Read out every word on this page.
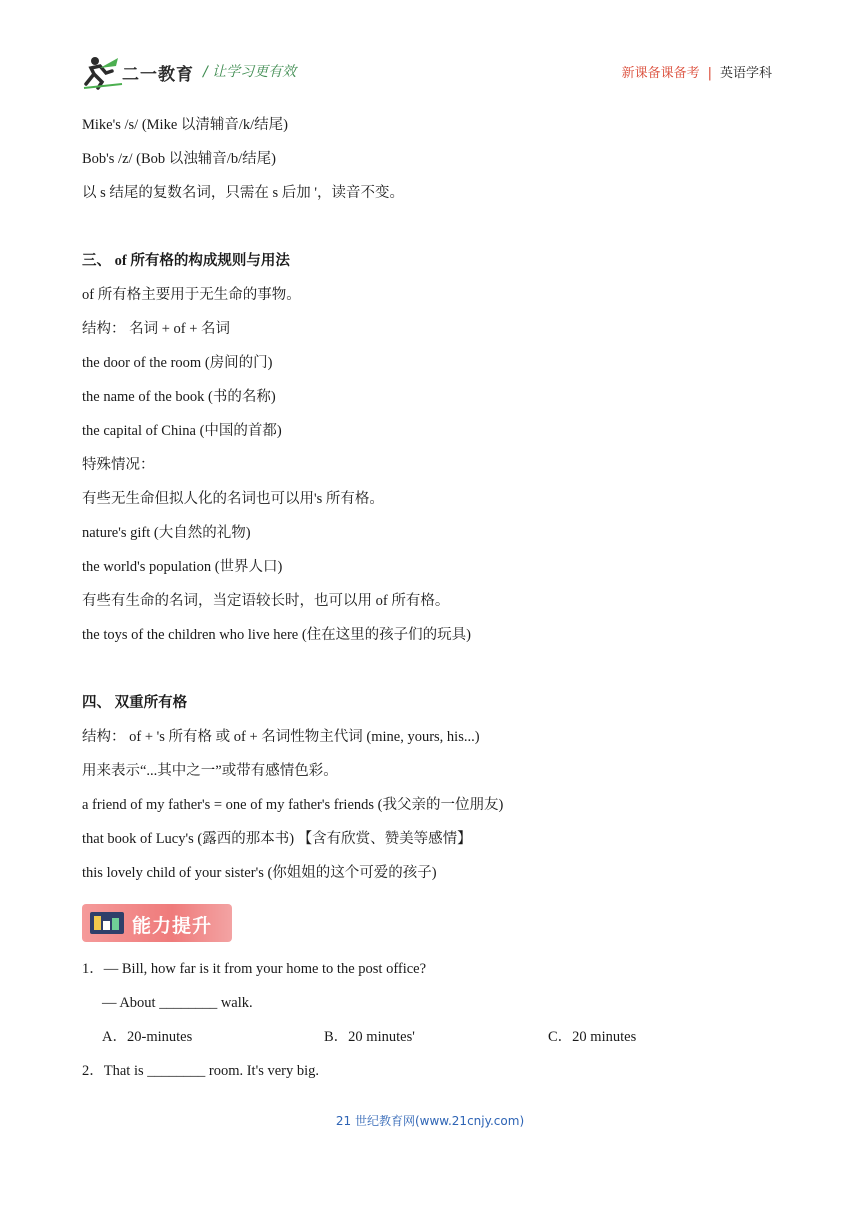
二一教育 / 让学习更有效	新课备课备考 | 英语学科
Mike's /s/ (Mike 以清辅音/k/结尾)
Bob's /z/ (Bob 以浊辅音/b/结尾)
以 s 结尾的复数名词，只需在 s 后加 '，读音不变。
三、 of 所有格的构成规则与用法
of 所有格主要用于无生命的事物。
结构： 名词 + of + 名词
the door of the room (房间的门)
the name of the book (书的名称)
the capital of China (中国的首都)
特殊情况：
有些无生命但拟人化的名词也可以用's 所有格。
nature's gift (大自然的礼物)
the world's population (世界人口)
有些有生命的名词，当定语较长时，也可以用 of 所有格。
the toys of the children who live here (住在这里的孩子们的玩具)
四、 双重所有格
结构： of + 's 所有格 或 of + 名词性物主代词 (mine, yours, his...)
用来表示“...其中之一”或带有感情色彩。
a friend of my father's = one of my father's friends (我父亲的一位朋友)
that book of Lucy's (露西的那本书) 【含有欣赏、赞美等感情】
this lovely child of your sister's (你姐姐的这个可爱的孩子)
能力提升
1．— Bill, how far is it from your home to the post office?
— About ________ walk.
A．20-minutes	B．20 minutes'	C．20 minutes
2．That is ________ room. It's very big.
21 世纪教育网(www.21cnjy.com)
